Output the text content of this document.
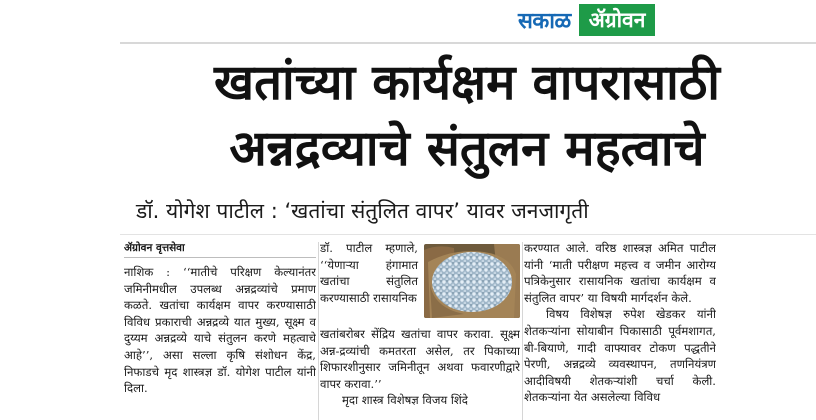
सकाळ ॲग्रोवन
खतांच्या कार्यक्षम वापरासाठी
अन्नद्रव्याचे संतुलन महत्वाचे
डॉ. योगेश पाटील : ‘खतांचा संतुलित वापर’ यावर जनजागृती
ॲग्रोवन वृत्तसेवा

नाशिक : ‘‘मातीचे परिक्षण केल्यानंतर जमिनीमधील उपलब्ध अन्नद्रव्यांचे प्रमाण कळते. खतांचा कार्यक्षम वापर करण्यासाठी विविध प्रकाराची अन्नद्रव्ये यात मुख्य, सूक्ष्म व दुय्यम अन्नद्रव्ये याचे संतुलन करणे महत्वाचे आहे’’, असा सल्ला कृषि संशोधन केंद्र, निफाडचे मृद शास्त्रज्ञ डॉ. योगेश पाटील यांनी दिला.

डॉ. पाटील म्हणाले, ‘‘येणाऱ्या हंगामात खतांचा संतुलित करण्यासाठी रासायनिक

खतांबरोबर सेंद्रिय खतांचा वापर करावा. सूक्ष्म अन्न-द्रव्यांची कमतरता असेल, तर पिकाच्या शिफारशीनुसार जमिनीतून अथवा फवारणीद्वारे वापर करावा.’’

मृदा शास्त्र विशेषज्ञ विजय शिंदे

करण्यात आले. वरिष्ठ शास्त्रज्ञ अमित पाटील यांनी ‘माती परीक्षण महत्त्व व जमीन आरोग्य पत्रिकेनुसार रासायनिक खतांचा कार्यक्षम व संतुलित वापर’ या विषयी मार्गदर्शन केले.

विषय विशेषज्ञ रुपेश खेडकर यांनी शेतकऱ्यांना सोयाबीन पिकासाठी पूर्वमशागत, बी-बियाणे, गादी वाफ्यावर टोकण पद्धतीने पेरणी, अन्नद्रव्ये व्यवस्थापन, तणनियंत्रण आदीविषयी शेतकऱ्यांशी चर्चा केली. शेतकऱ्यांना येत असलेल्या विविध
